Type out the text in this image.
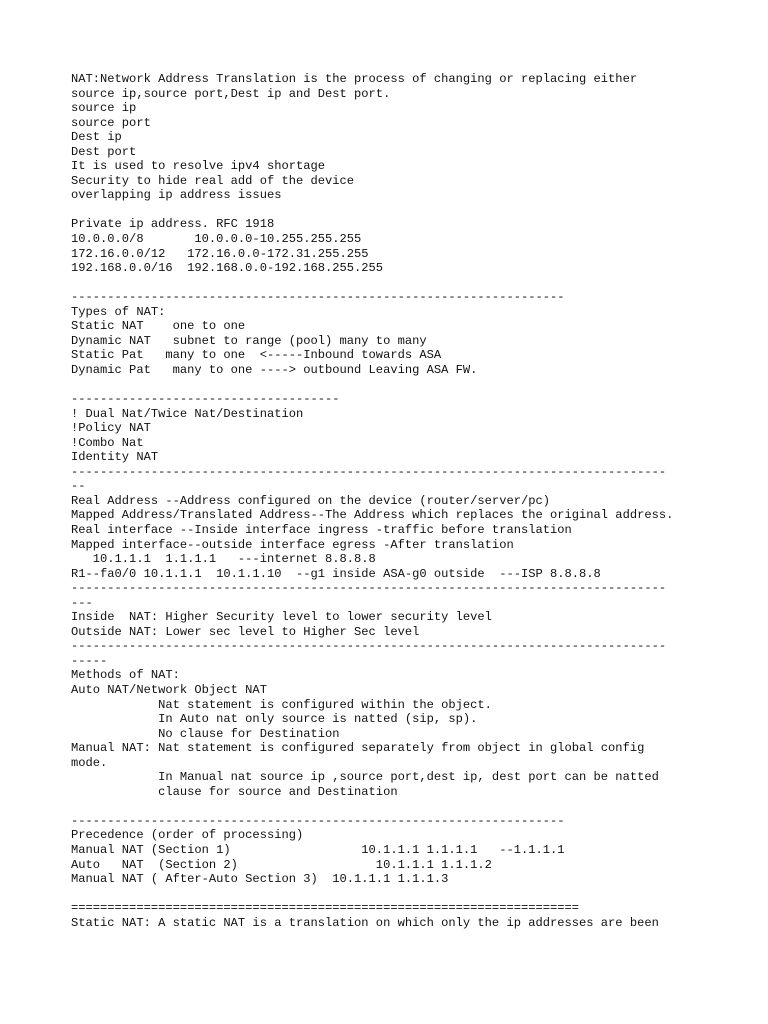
NAT:Network Address Translation is the process of changing or replacing either
source ip,source port,Dest ip and Dest port.
source ip
source port
Dest ip
Dest port
It is used to resolve ipv4 shortage
Security to hide real add of the device
overlapping ip address issues
Private ip address. RFC 1918
10.0.0.0/8       10.0.0.0-10.255.255.255
172.16.0.0/12   172.16.0.0-172.31.255.255
192.168.0.0/16  192.168.0.0-192.168.255.255
--------------------------------------------------------------------
Types of NAT:
Static NAT    one to one
Dynamic NAT   subnet to range (pool) many to many
Static Pat   many to one  <-----Inbound towards ASA
Dynamic Pat   many to one ----> outbound Leaving ASA FW.
-------------------------------------
! Dual Nat/Twice Nat/Destination
!Policy NAT
!Combo Nat
Identity NAT
----------------------------------------------------------------------------------
--
Real Address --Address configured on the device (router/server/pc)
Mapped Address/Translated Address--The Address which replaces the original address.
Real interface --Inside interface ingress -traffic before translation
Mapped interface--outside interface egress -After translation
10.1.1.1  1.1.1.1   ---internet 8.8.8.8
R1--fa0/0 10.1.1.1  10.1.1.10  --g1 inside ASA-g0 outside  ---ISP 8.8.8.8
----------------------------------------------------------------------------------
---
Inside  NAT: Higher Security level to lower security level
Outside NAT: Lower sec level to Higher Sec level
----------------------------------------------------------------------------------
-----
Methods of NAT:
Auto NAT/Network Object NAT
Nat statement is configured within the object.
In Auto nat only source is natted (sip, sp).
No clause for Destination
Manual NAT: Nat statement is configured separately from object in global config
mode.
In Manual nat source ip ,source port,dest ip, dest port can be natted
clause for source and Destination
--------------------------------------------------------------------
Precedence (order of processing)
Manual NAT (Section 1)                  10.1.1.1 1.1.1.1   --1.1.1.1
Auto   NAT  (Section 2)                   10.1.1.1 1.1.1.2
Manual NAT ( After-Auto Section 3)  10.1.1.1 1.1.1.3
======================================================================
Static NAT: A static NAT is a translation on which only the ip addresses are been
